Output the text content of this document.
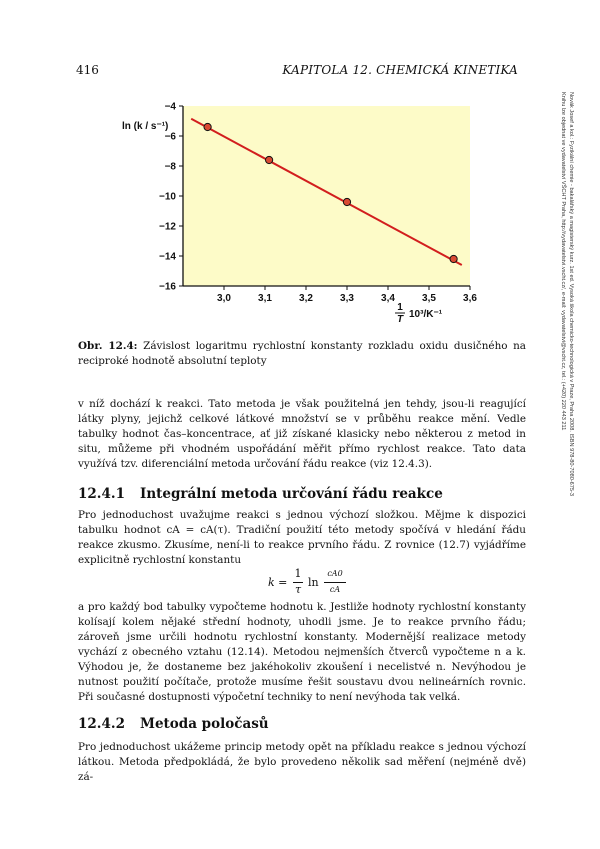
416	KAPITOLA 12. CHEMICKÁ KINETIKA
Novák Josef a kol.: Fyzikální chemie - bakalářský a magisterský kurz. 1st ed. Vysoká škola chemicko-technologická v Praze, Praha 2008. ISBN 978-80-7080-675-3
Knihu lze objednat ve vydavatelství VŠCHT Praha, http://vydavatelstvi.vscht.cz/, e-mail: vydavatelstvi@vscht.cz, tel.: (+420) 220 443 211
−4
−6
−8
−10
−12
−14
−16
3,0	3,1	3,2	3,3	3,4	3,5	3,6
ln (k / s⁻¹)
1
T 10³/K⁻¹
Obr. 12.4: Závislost logaritmu rychlostní konstanty rozkladu oxidu dusičného na reciproké hodnotě absolutní teploty
v níž dochází k reakci. Tato metoda je však použitelná jen tehdy, jsou-li reagující látky plyny, jejichž celkové látkové množství se v průběhu reakce mění. Vedle tabulky hodnot čas–koncentrace, ať již získané klasicky nebo některou z metod in situ, můžeme při vhodném uspořádání měřit přímo rychlost reakce. Tato data využívá tzv. diferenciální metoda určování řádu reakce (viz 12.4.3).
12.4.1 Integrální metoda určování řádu reakce
Pro jednoduchost uvažujme reakci s jednou výchozí složkou. Mějme k dispozici tabulku hodnot cA = cA(τ). Tradiční použití této metody spočívá v hledání řádu reakce zkusmo. Zkusíme, není-li to reakce prvního řádu. Z rovnice (12.7) vyjádříme explicitně rychlostní konstantu
k =
1
τ
ln
cA0
cA
a pro každý bod tabulky vypočteme hodnotu k. Jestliže hodnoty rychlostní konstanty kolísají kolem nějaké střední hodnoty, uhodli jsme. Je to reakce prvního řádu; zároveň jsme určili hodnotu rychlostní konstanty. Modernější realizace metody vychází z obecného vztahu (12.14). Metodou nejmenších čtverců vypočteme n a k. Výhodou je, že dostaneme bez jakéhokoliv zkoušení i necelistvé n. Nevýhodou je nutnost použití počítače, protože musíme řešit soustavu dvou nelineárních rovnic. Při současné dostupnosti výpočetní techniky to není nevýhoda tak velká.
12.4.2 Metoda poločasů
Pro jednoduchost ukážeme princip metody opět na příkladu reakce s jednou výchozí látkou. Metoda předpokládá, že bylo provedeno několik sad měření (nejméně dvě) zá-
